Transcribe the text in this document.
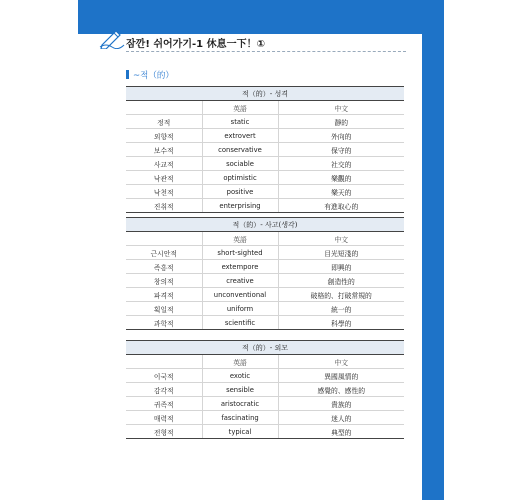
잠깐! 쉬어가기-1 休息一下！①
~적（的）
적（的）- 성격		
	英語	中文
정적	static	靜的
외향적	extrovert	外向的
보수적	conservative	保守的
사교적	sociable	社交的
낙관적	optimistic	樂觀的
낙천적	positive	樂天的
진취적	enterprising	有進取心的
적（的）- 사고(생각)		
	英語	中文
근시안적	short-sighted	目光短淺的
즉흥적	extempore	即興的
창의적	creative	創造性的
파격적	unconventional	破格的、打破常規的
획일적	uniform	統一的
과학적	scientific	科學的
적（的）- 외모		
	英語	中文
이국적	exotic	異國風情的
감각적	sensible	感覺的、感性的
귀족적	aristocratic	貴族的
매력적	fascinating	迷人的
전형적	typical	典型的
